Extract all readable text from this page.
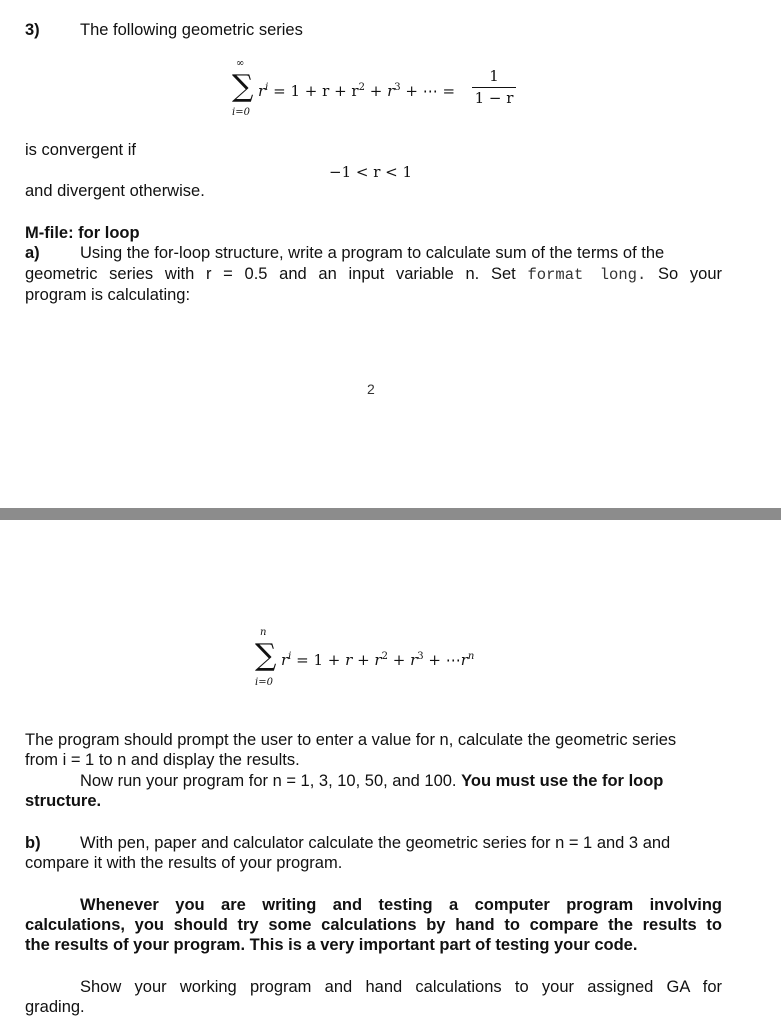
3) The following geometric series
∞
∑
i=0
$r^i = 1 + r + r^2 + r^3$ + ⋯ = $\frac{1}{1 - r}$
is convergent if
−1 < r < 1
and divergent otherwise.
M-file: for loop
a) Using the for-loop structure, write a program to calculate sum of the terms of the
geometric series with r = 0.5 and an input variable n. Set format long. So your
program is calculating:
2
n
∑
i=0
$r^i = 1 + r + r^2 + r^3$ + $\cdots r^n$
The program should prompt the user to enter a value for n, calculate the geometric series
from i = 1 to n and display the results.
Now run your program for n = 1, 3, 10, 50, and 100. You must use the for loop
structure.
b) With pen, paper and calculator calculate the geometric series for n = 1 and 3 and
compare it with the results of your program.
Whenever you are writing and testing a computer program involving
calculations, you should try some calculations by hand to compare the results to
the results of your program. This is a very important part of testing your code.
Show your working program and hand calculations to your assigned GA for
grading.
